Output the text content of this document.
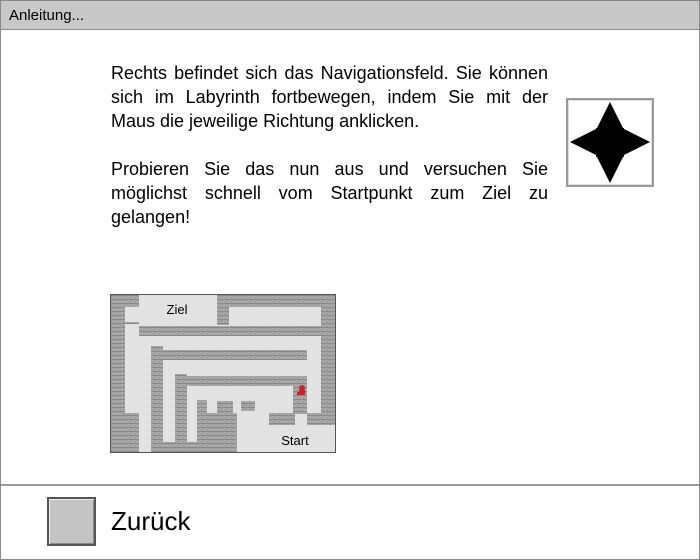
Anleitung...

Rechts befindet sich das Navigationsfeld. Sie können sich im Labyrinth fortbewegen, indem Sie mit der Maus die jeweilige Richtung anklicken.

Probieren Sie das nun aus und versuchen Sie möglichst schnell vom Startpunkt zum Ziel zu gelangen!

Ziel
Start
Zurück
